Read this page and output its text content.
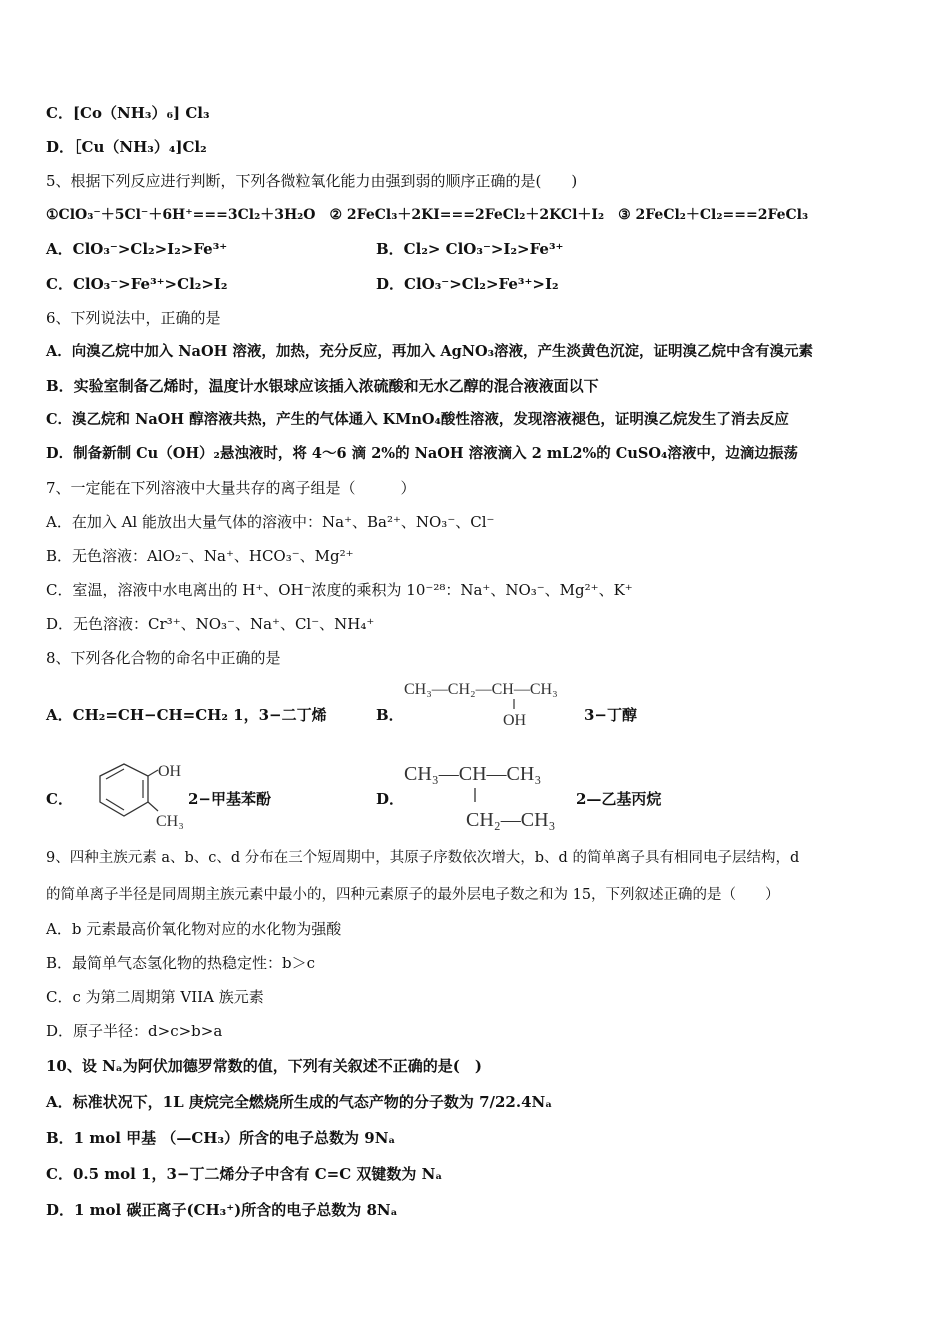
C．[Co（NH₃）₆] Cl₃
D．［Cu（NH₃）₄]Cl₂
5、根据下列反应进行判断，下列各微粒氧化能力由强到弱的顺序正确的是(　　)
①ClO₃⁻＋5Cl⁻＋6H⁺===3Cl₂＋3H₂O　② 2FeCl₃＋2KI===2FeCl₂＋2KCl＋I₂　③ 2FeCl₂＋Cl₂===2FeCl₃
A．ClO₃⁻>Cl₂>I₂>Fe³⁺	B．Cl₂> ClO₃⁻>I₂>Fe³⁺
C．ClO₃⁻>Fe³⁺>Cl₂>I₂	D．ClO₃⁻>Cl₂>Fe³⁺>I₂
6、下列说法中，正确的是
A．向溴乙烷中加入 NaOH 溶液，加热，充分反应，再加入 AgNO₃溶液，产生淡黄色沉淀，证明溴乙烷中含有溴元素
B．实验室制备乙烯时，温度计水银球应该插入浓硫酸和无水乙醇的混合液液面以下
C．溴乙烷和 NaOH 醇溶液共热，产生的气体通入 KMnO₄酸性溶液，发现溶液褪色，证明溴乙烷发生了消去反应
D．制备新制 Cu（OH）₂悬浊液时，将 4～6 滴 2%的 NaOH 溶液滴入 2 mL2%的 CuSO₄溶液中，边滴边振荡
7、一定能在下列溶液中大量共存的离子组是（　　　）
A．在加入 Al 能放出大量气体的溶液中：Na⁺、Ba²⁺、NO₃⁻、Cl⁻
B．无色溶液：AlO₂⁻、Na⁺、HCO₃⁻、Mg²⁺
C．室温，溶液中水电离出的 H⁺、OH⁻浓度的乘积为 10⁻²⁸：Na⁺、NO₃⁻、Mg²⁺、K⁺
D．无色溶液：Cr³⁺、NO₃⁻、Na⁺、Cl⁻、NH₄⁺
8、下列各化合物的命名中正确的是
A．CH₂=CH−CH=CH₂ 1，3−二丁烯	B．
CH₃—CH₂—CH—CH₃
OH	3−丁醇
C．
OH
CH₃
2−甲基苯酚	D．
CH₃—CH—CH₃
CH₂—CH₃
2—乙基丙烷
9、四种主族元素 a、b、c、d 分布在三个短周期中，其原子序数依次增大，b、d 的简单离子具有相同电子层结构，d
的简单离子半径是同周期主族元素中最小的，四种元素原子的最外层电子数之和为 15，下列叙述正确的是（　　）
A．b 元素最高价氧化物对应的水化物为强酸
B．最简单气态氢化物的热稳定性：b＞c
C．c 为第二周期第 VIIA 族元素
D．原子半径：d>c>b>a
10、设 Nₐ为阿伏加德罗常数的值，下列有关叙述不正确的是(　)
A．标准状况下，1L 庚烷完全燃烧所生成的气态产物的分子数为 7/22.4Nₐ
B．1 mol 甲基 （—CH₃）所含的电子总数为 9Nₐ
C．0.5 mol 1，3−丁二烯分子中含有 C=C 双键数为 Nₐ
D．1 mol 碳正离子(CH₃⁺)所含的电子总数为 8Nₐ
